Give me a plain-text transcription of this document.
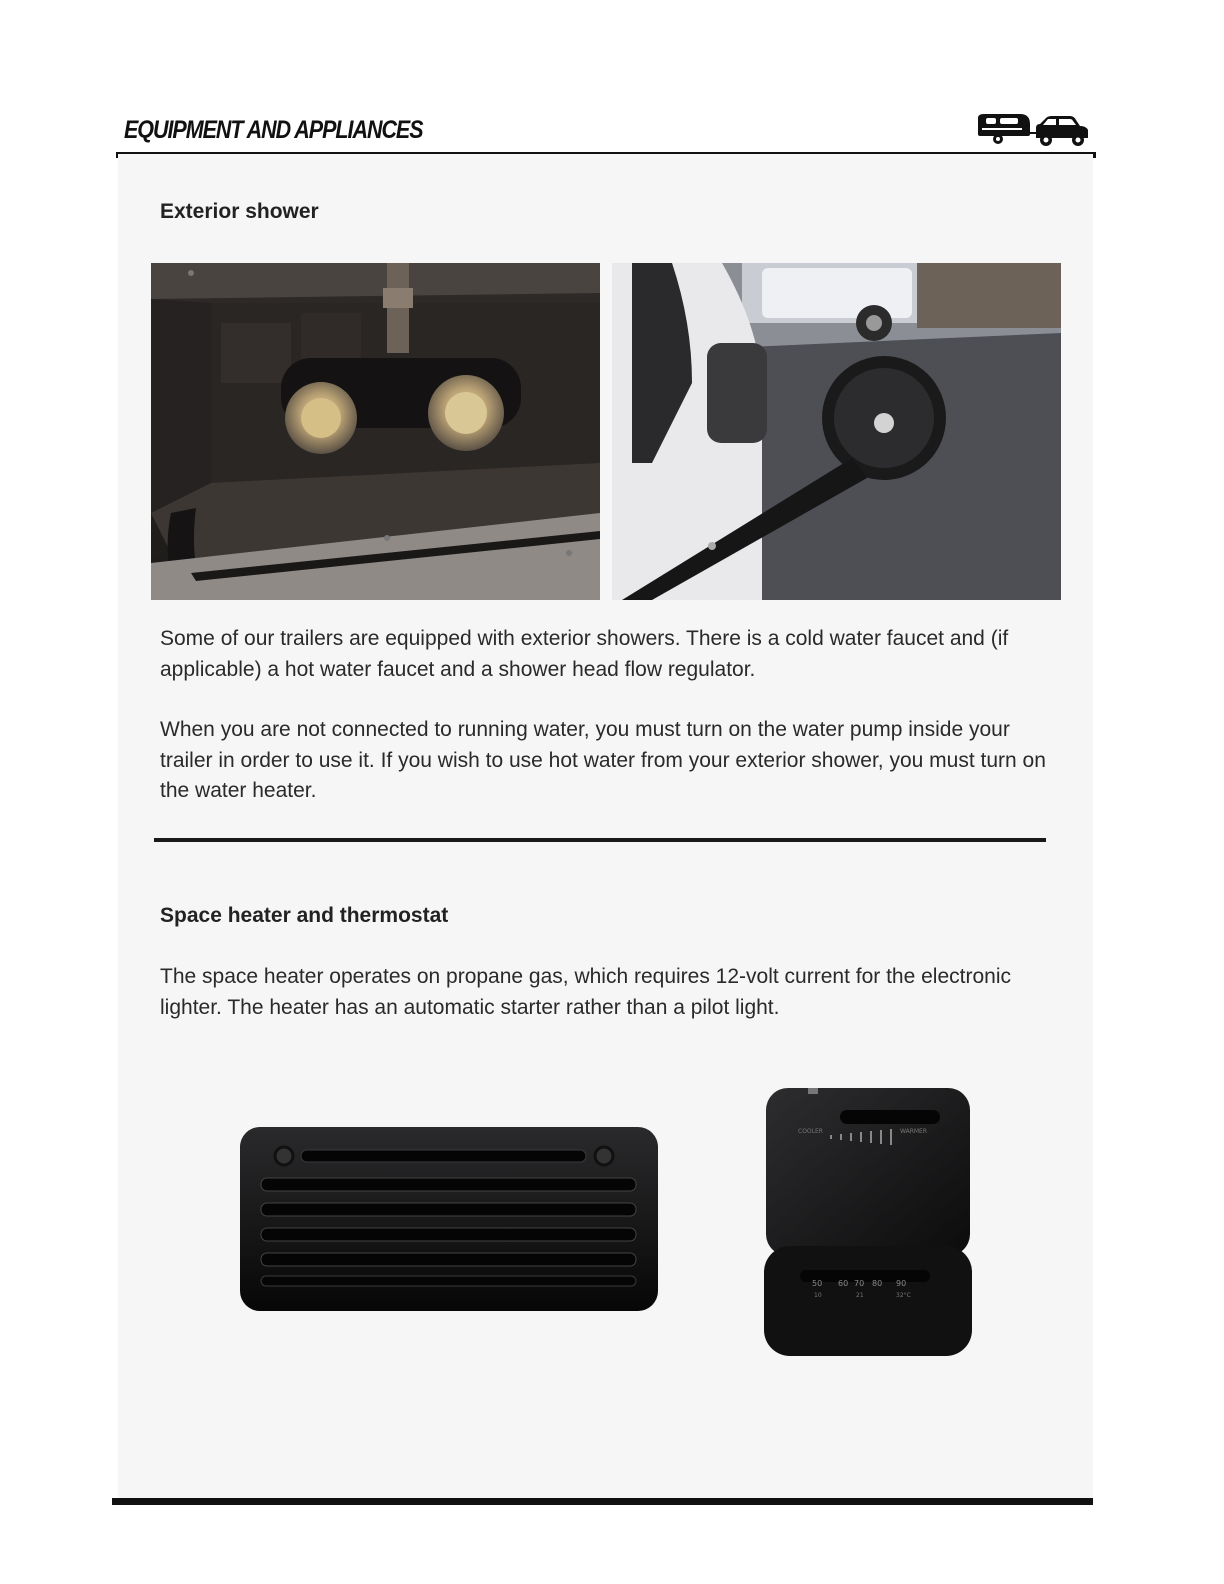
EQUIPMENT AND APPLIANCES
Exterior shower

Some of our trailers are equipped with exterior showers. There is a cold water faucet and (if applicable) a hot water faucet and a shower head flow regulator.

When you are not connected to running water, you must turn on the water pump inside your trailer in order to use it. If you wish to use hot water from your exterior shower, you must turn on the water heater.

Space heater and thermostat

The space heater operates on propane gas, which requires 12-volt current for the electronic lighter. The heater has an automatic starter rather than a pilot light.

COOLER	WARMER
50 60 70 80 90
10	21	32°C
